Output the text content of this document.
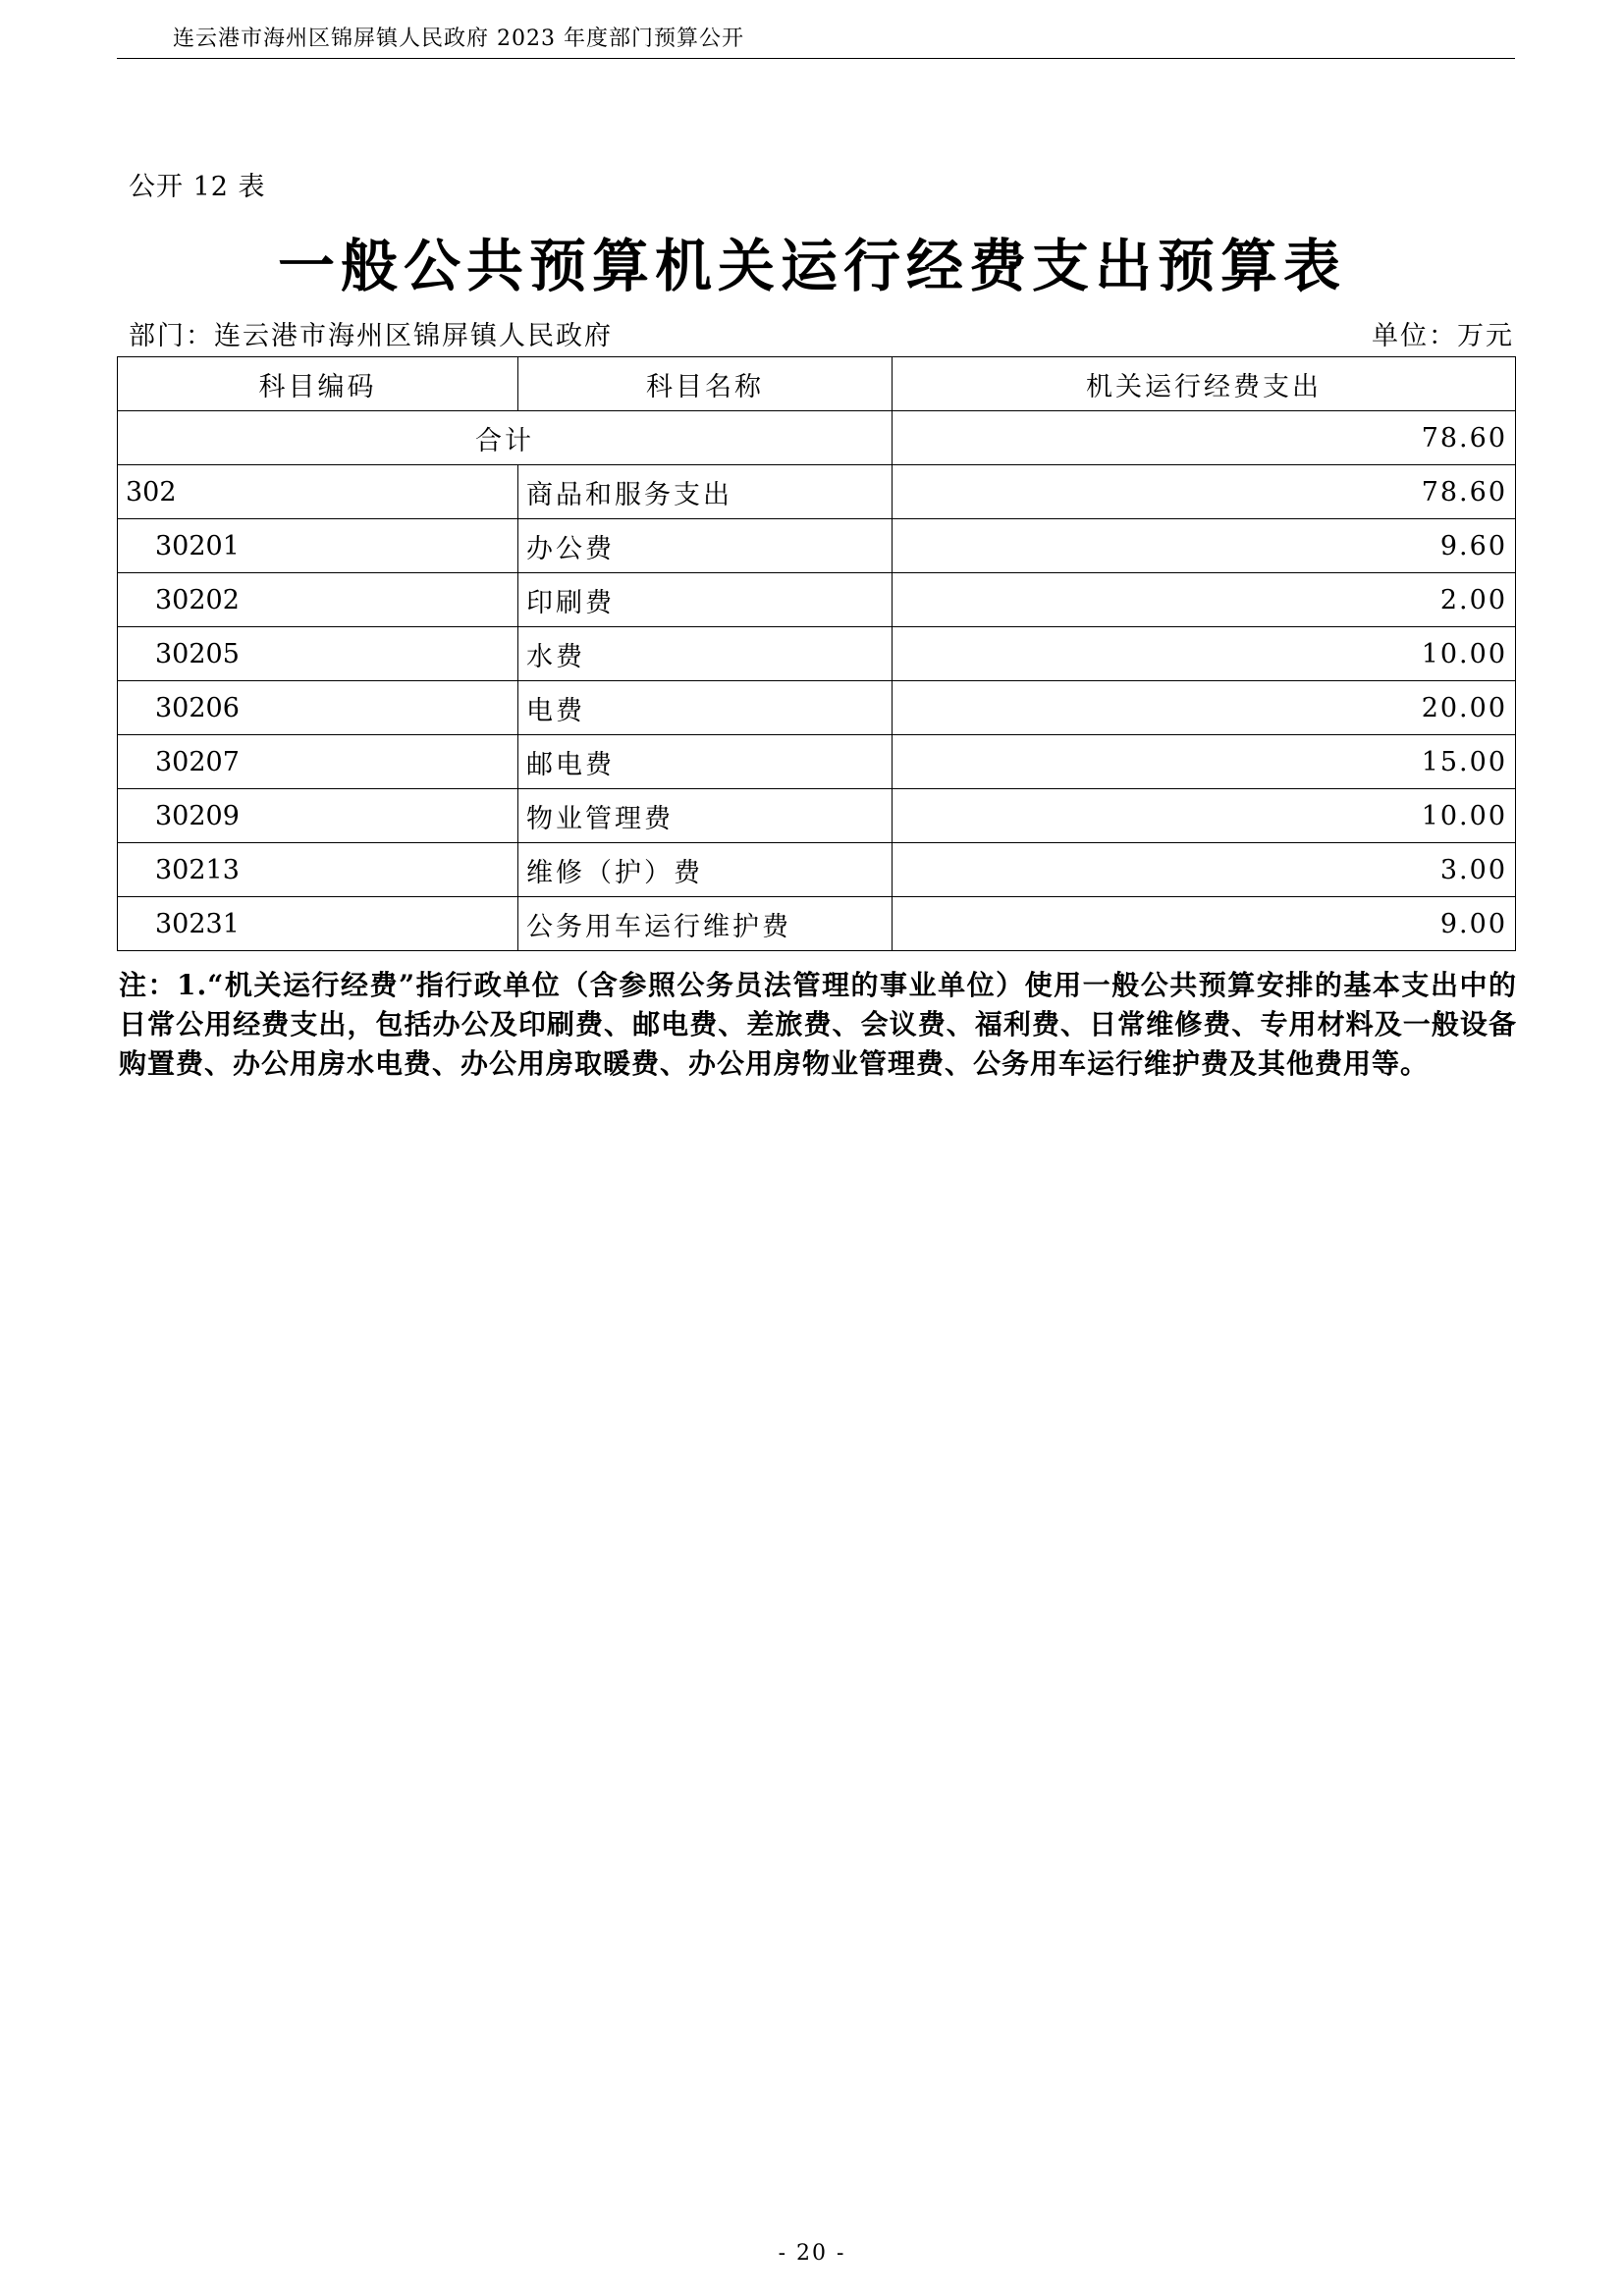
连云港市海州区锦屏镇人民政府 2023 年度部门预算公开
公开 12 表
一般公共预算机关运行经费支出预算表
部门：连云港市海州区锦屏镇人民政府	单位：万元
科目编码	科目名称	机关运行经费支出
合计		78.60
302	商品和服务支出	78.60
30201	办公费	9.60
30202	印刷费	2.00
30205	水费	10.00
30206	电费	20.00
30207	邮电费	15.00
30209	物业管理费	10.00
30213	维修（护）费	3.00
30231	公务用车运行维护费	9.00
注：1.“机关运行经费”指行政单位（含参照公务员法管理的事业单位）使用一般公共预算安排的基本支出中的日常公用经费支出，包括办公及印刷费、邮电费、差旅费、会议费、福利费、日常维修费、专用材料及一般设备购置费、办公用房水电费、办公用房取暖费、办公用房物业管理费、公务用车运行维护费及其他费用等。
- 20 -
